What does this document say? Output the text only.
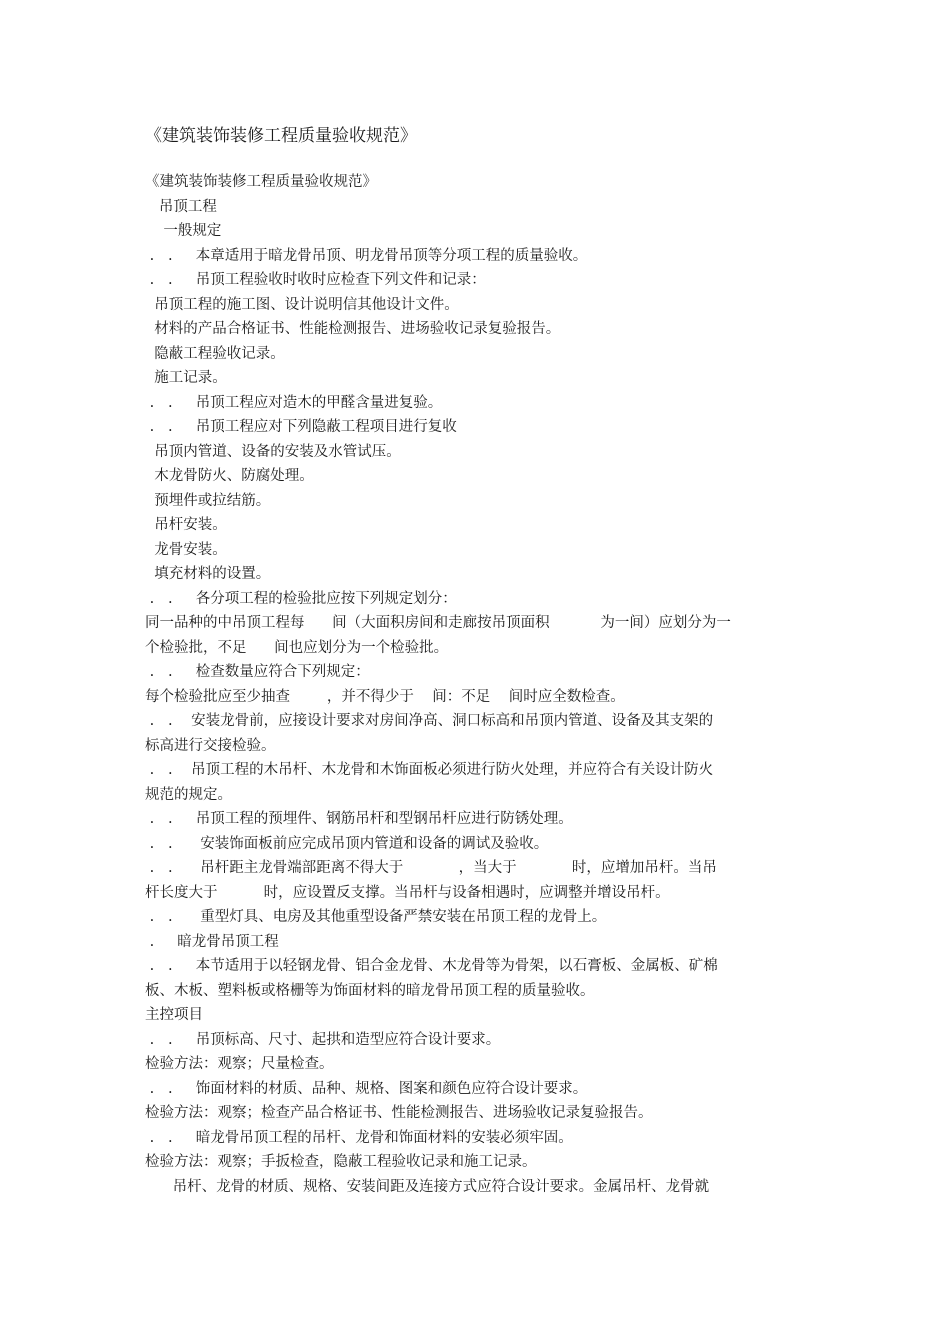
《建筑装饰装修工程质量验收规范》
《建筑装饰装修工程质量验收规范》
吊顶工程
一般规定
.   .     本章适用于暗龙骨吊顶、明龙骨吊顶等分项工程的质量验收。
.   .     吊顶工程验收时收时应检查下列文件和记录：
吊顶工程的施工图、设计说明信其他设计文件。
材料的产品合格证书、性能检测报告、进场验收记录复验报告。
隐蔽工程验收记录。
施工记录。
.   .     吊顶工程应对造木的甲醛含量进复验。
.   .     吊顶工程应对下列隐蔽工程项目进行复收
吊顶内管道、设备的安装及水管试压。
木龙骨防火、防腐处理。
预埋件或拉结筋。
吊杆安装。
龙骨安装。
填充材料的设置。
.   .     各分项工程的检验批应按下列规定划分：
同一品种的中吊顶工程每      间（大面积房间和走廊按吊顶面积           为一间）应划分为一
个检验批，不足      间也应划分为一个检验批。
.   .     检查数量应符合下列规定：
每个检验批应至少抽查        ，并不得少于    间：不足    间时应全数检查。
.   .    安装龙骨前，应接设计要求对房间净高、洞口标高和吊顶内管道、设备及其支架的
标高进行交接检验。
.   .    吊顶工程的木吊杆、木龙骨和木饰面板必须进行防火处理，并应符合有关设计防火
规范的规定。
.   .     吊顶工程的预埋件、钢筋吊杆和型钢吊杆应进行防锈处理。
.   .      安装饰面板前应完成吊顶内管道和设备的调试及验收。
.   .      吊杆距主龙骨端部距离不得大于            ，当大于            时，应增加吊杆。当吊
杆长度大于          时，应设置反支撑。当吊杆与设备相遇时，应调整并增设吊杆。
.   .      重型灯具、电房及其他重型设备严禁安装在吊顶工程的龙骨上。
.     暗龙骨吊顶工程
.   .     本节适用于以轻钢龙骨、铝合金龙骨、木龙骨等为骨架，以石膏板、金属板、矿棉
板、木板、塑料板或格栅等为饰面材料的暗龙骨吊顶工程的质量验收。
主控项目
.   .     吊顶标高、尺寸、起拱和造型应符合设计要求。
检验方法：观察；尺量检查。
.   .     饰面材料的材质、品种、规格、图案和颜色应符合设计要求。
检验方法：观察；检查产品合格证书、性能检测报告、进场验收记录复验报告。
.   .     暗龙骨吊顶工程的吊杆、龙骨和饰面材料的安装必须牢固。
检验方法：观察；手扳检查，隐蔽工程验收记录和施工记录。
吊杆、龙骨的材质、规格、安装间距及连接方式应符合设计要求。金属吊杆、龙骨就
